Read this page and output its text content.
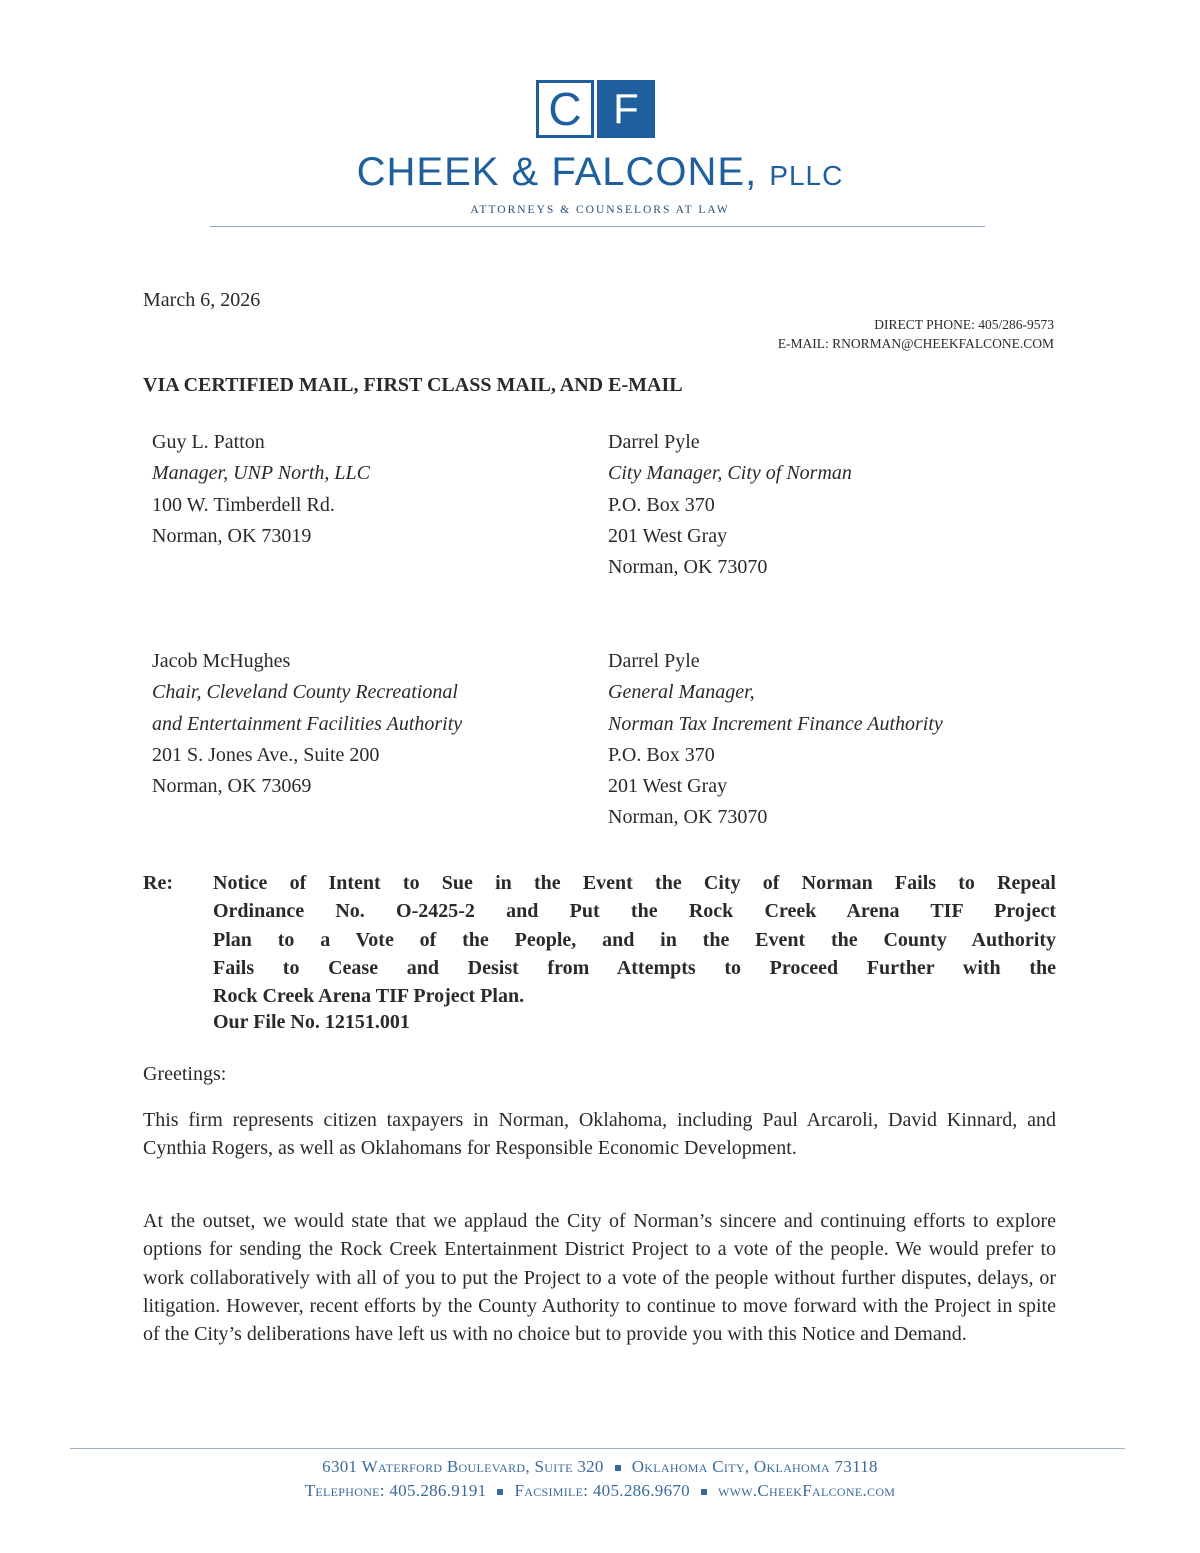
C F
CHEEK & FALCONE, PLLC
ATTORNEYS & COUNSELORS AT LAW
March 6, 2026
DIRECT PHONE: 405/286-9573
E-MAIL: RNORMAN@CHEEKFALCONE.COM
VIA CERTIFIED MAIL, FIRST CLASS MAIL, AND E-MAIL
Guy L. Patton
Manager, UNP North, LLC
100 W. Timberdell Rd.
Norman, OK 73019
Darrel Pyle
City Manager, City of Norman
P.O. Box 370
201 West Gray
Norman, OK 73070
Jacob McHughes
Chair, Cleveland County Recreational
and Entertainment Facilities Authority
201 S. Jones Ave., Suite 200
Norman, OK 73069
Darrel Pyle
General Manager,
Norman Tax Increment Finance Authority
P.O. Box 370
201 West Gray
Norman, OK 73070
Re: Notice of Intent to Sue in the Event the City of Norman Fails to Repeal
Ordinance No. O-2425-2 and Put the Rock Creek Arena TIF Project
Plan to a Vote of the People, and in the Event the County Authority
Fails to Cease and Desist from Attempts to Proceed Further with the
Rock Creek Arena TIF Project Plan.
Our File No. 12151.001
Greetings:
This firm represents citizen taxpayers in Norman, Oklahoma, including Paul Arcaroli, David Kinnard, and Cynthia Rogers, as well as Oklahomans for Responsible Economic Development.
At the outset, we would state that we applaud the City of Norman’s sincere and continuing efforts to explore options for sending the Rock Creek Entertainment District Project to a vote of the people. We would prefer to work collaboratively with all of you to put the Project to a vote of the people without further disputes, delays, or litigation. However, recent efforts by the County Authority to continue to move forward with the Project in spite of the City’s deliberations have left us with no choice but to provide you with this Notice and Demand.
6301 Waterford Boulevard, Suite 320 Oklahoma City, Oklahoma 73118
Telephone: 405.286.9191 Facsimile: 405.286.9670 www.CheekFalcone.com
